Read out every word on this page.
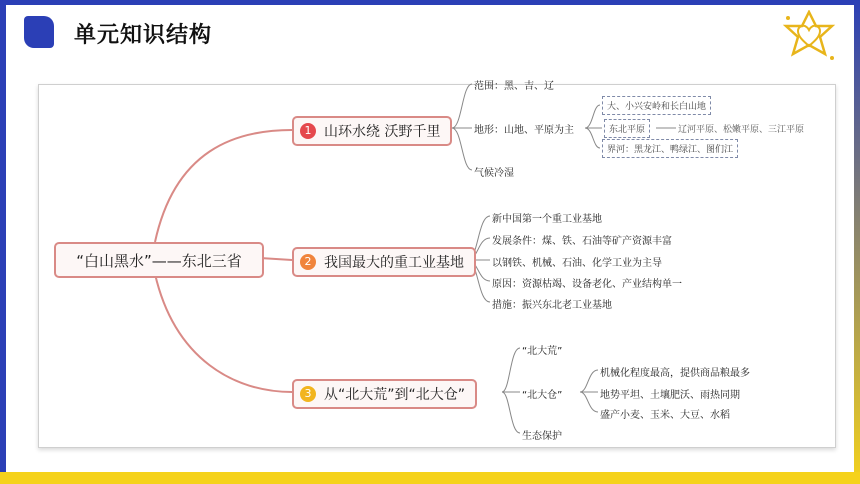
单元知识结构
“白山黑水”——东北三省
1 山环水绕 沃野千里
2 我国最大的重工业基地
3 从“北大荒”到“北大仓”
范围：黑、吉、辽
地形：山地、平原为主
气候冷湿
大、小兴安岭和长白山地
东北平原	辽河平原、松嫩平原、三江平原
界河：黑龙江、鸭绿江、图们江
新中国第一个重工业基地
发展条件：煤、铁、石油等矿产资源丰富
以钢铁、机械、石油、化学工业为主导
原因：资源枯竭、设备老化、产业结构单一
措施：振兴东北老工业基地
“北大荒”
“北大仓”
生态保护
机械化程度最高，提供商品粮最多
地势平坦、土壤肥沃、雨热同期
盛产小麦、玉米、大豆、水稻
